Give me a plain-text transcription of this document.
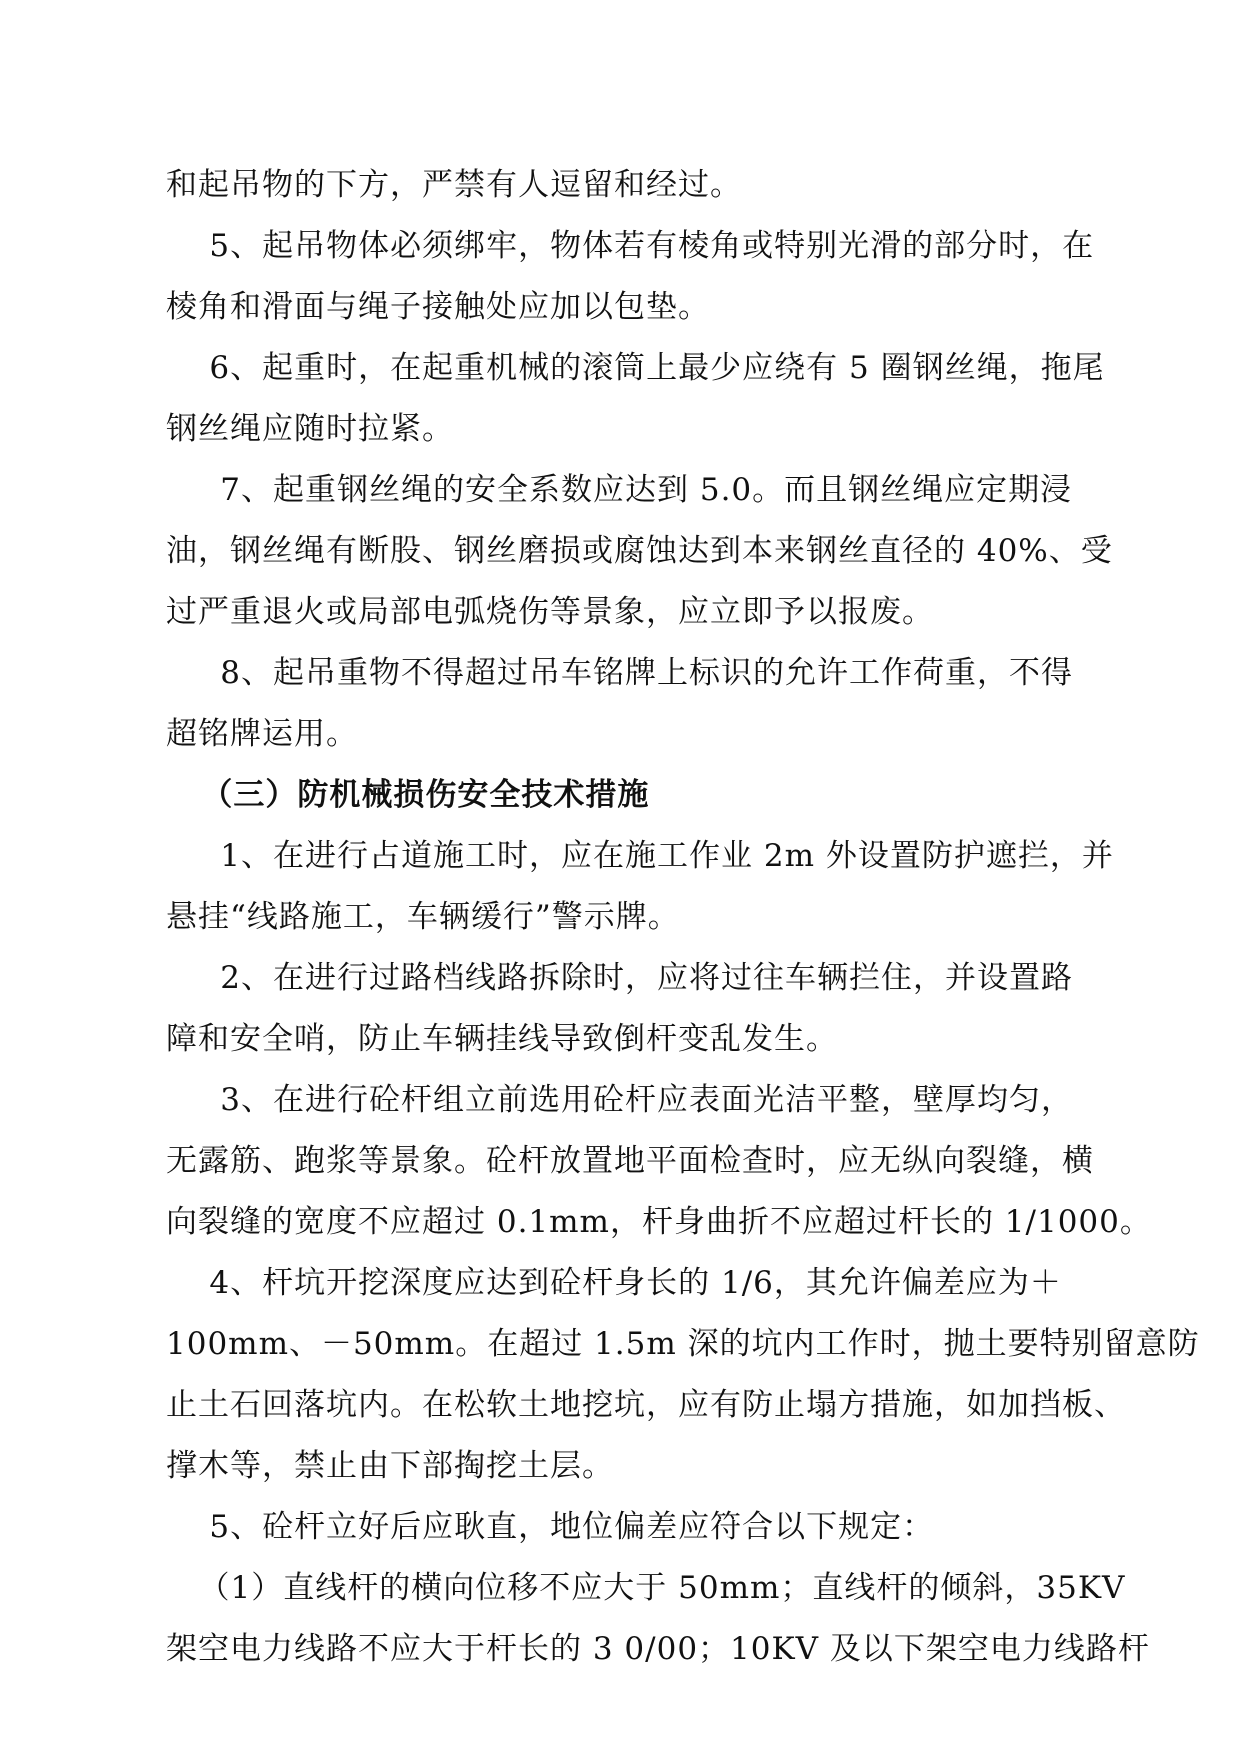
和起吊物的下方，严禁有人逗留和经过。
5、起吊物体必须绑牢，物体若有棱角或特别光滑的部分时，在
棱角和滑面与绳子接触处应加以包垫。
6、起重时，在起重机械的滚筒上最少应绕有 5 圈钢丝绳，拖尾
钢丝绳应随时拉紧。
7、起重钢丝绳的安全系数应达到 5.0。而且钢丝绳应定期浸
油，钢丝绳有断股、钢丝磨损或腐蚀达到本来钢丝直径的 40%、受
过严重退火或局部电弧烧伤等景象，应立即予以报废。
8、起吊重物不得超过吊车铭牌上标识的允许工作荷重，不得
超铭牌运用。
（三）防机械损伤安全技术措施
1、在进行占道施工时，应在施工作业 2m 外设置防护遮拦，并
悬挂“线路施工，车辆缓行”警示牌。
2、在进行过路档线路拆除时，应将过往车辆拦住，并设置路
障和安全哨，防止车辆挂线导致倒杆变乱发生。
3、在进行砼杆组立前选用砼杆应表面光洁平整，壁厚均匀，
无露筋、跑浆等景象。砼杆放置地平面检查时，应无纵向裂缝，横
向裂缝的宽度不应超过 0.1mm，杆身曲折不应超过杆长的 1/1000。
4、杆坑开挖深度应达到砼杆身长的 1/6，其允许偏差应为＋
100mm、－50mm。在超过 1.5m 深的坑内工作时，抛土要特别留意防
止土石回落坑内。在松软土地挖坑，应有防止塌方措施，如加挡板、
撑木等，禁止由下部掏挖土层。
5、砼杆立好后应耿直，地位偏差应符合以下规定：
（1）直线杆的横向位移不应大于 50mm；直线杆的倾斜，35KV
架空电力线路不应大于杆长的 3 0/00；10KV 及以下架空电力线路杆
